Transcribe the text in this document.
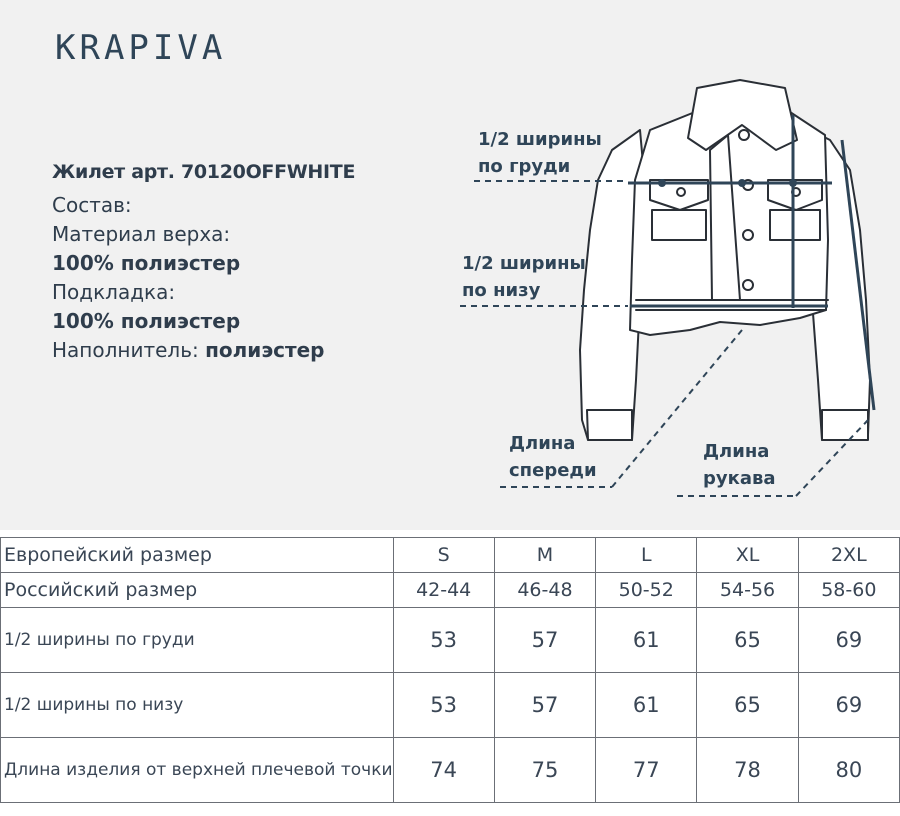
KRAPIVA
Жилет арт. 70120OFFWHITE
Состав:
Материал верха:
100% полиэстер
Подкладка:
100% полиэстер
Наполнитель: полиэстер
1/2 ширины
по груди
1/2 ширины
по низу
Длина
спереди
Длина
рукава
Европейский размер	S	M	L	XL	2XL
Российский размер	42-44	46-48	50-52	54-56	58-60
1/2 ширины по груди	53	57	61	65	69
1/2 ширины по низу	53	57	61	65	69
Длина изделия от верхней плечевой точки	74	75	77	78	80
